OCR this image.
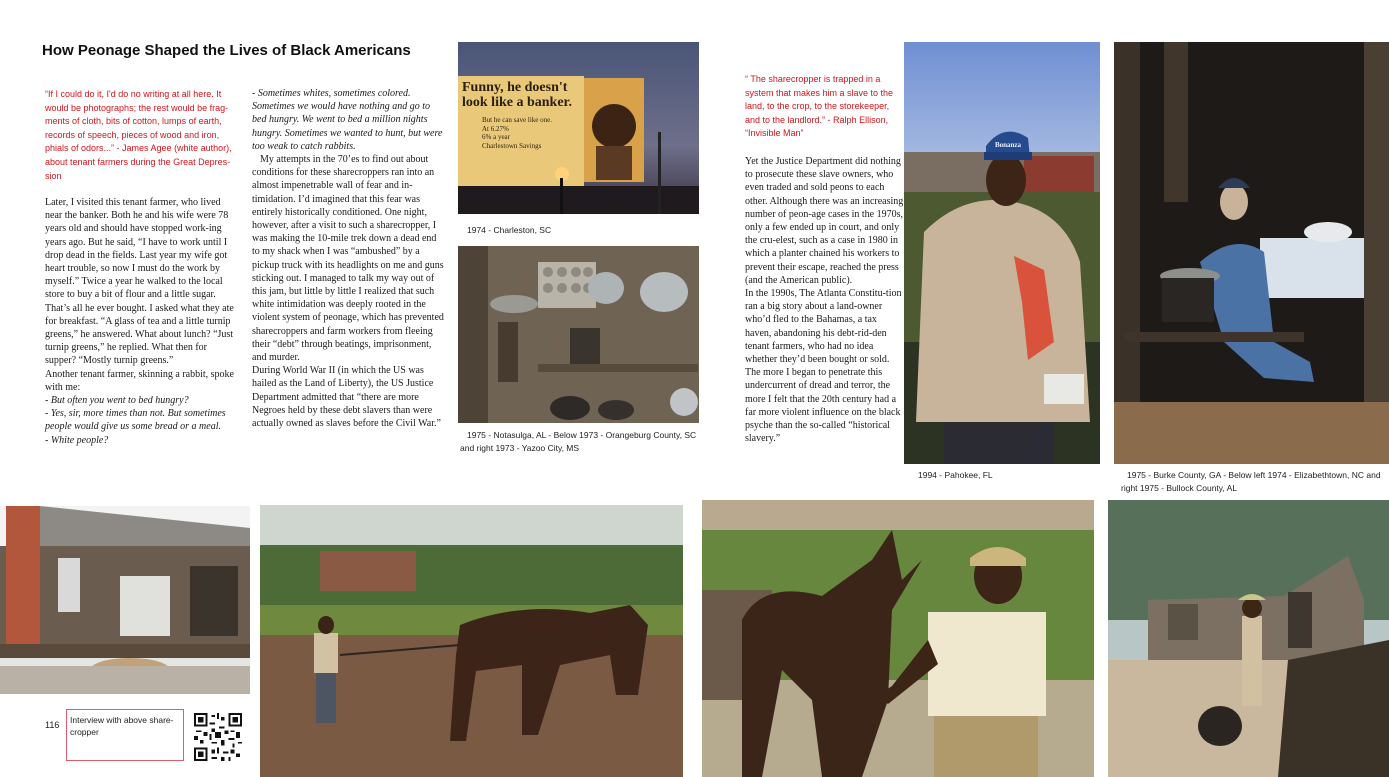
How Peonage Shaped the Lives of Black Americans
“If I could do it, I'd do no writing at all here. It would be photographs; the rest would be frag-ments of cloth, bits of cotton, lumps of earth, records of speech, pieces of wood and iron, phials of odors...” - James Agee (white author), about tenant farmers during the Great Depres-sion

Later, I visited this tenant farmer, who lived near the banker. Both he and his wife were 78 years old and should have stopped work-ing years ago. But he said, “I have to work until I drop dead in the fields. Last year my wife got heart trouble, so now I must do the work by myself.” Twice a year he walked to the local store to buy a bit of flour and a little sugar. That’s all he ever bought. I asked what they ate for breakfast. “A glass of tea and a little turnip greens,” he answered. What about lunch? “Just turnip greens,” he replied. What then for supper? “Mostly turnip greens.”

Another tenant farmer, skinning a rabbit, spoke with me:

- But often you went to bed hungry?

- Yes, sir, more times than not. But sometimes people would give us some bread or a meal.

- White people?

- Sometimes whites, sometimes colored. Sometimes we would have nothing and go to bed hungry. We went to bed a million nights hungry. Sometimes we wanted to hunt, but were too weak to catch rabbits.

My attempts in the 70’es to find out about conditions for these sharecroppers ran into an almost impenetrable wall of fear and in-timidation. I’d imagined that this fear was entirely historically conditioned. One night, however, after a visit to such a sharecropper, I was making the 10-mile trek down a dead end to my shack when I was “ambushed” by a pickup truck with its headlights on me and guns sticking out. I managed to talk my way out of this jam, but little by little I realized that such white intimidation was deeply rooted in the violent system of peonage, which has prevented sharecroppers and farm workers from fleeing their “debt” through beatings, imprisonment, and murder.

During World War II (in which the US was hailed as the Land of Liberty), the US Justice Department admitted that “there are more Negroes held by these debt slavers than were actually owned as slaves before the Civil War.”

Funny, he doesn't look like a banker.
But he can save like one.
At 6.27%
6% a year
Charlestown Savings
1974 - Charleston, SC
1975 - Notasulga, AL - Below 1973 - Orangeburg County, SC and right 1973 - Yazoo City, MS
“ The sharecropper is trapped in a system that makes him a slave to the land, to the crop, to the storekeeper, and to the landlord.” - Ralph Ellison, “Invisible Man”

Yet the Justice Department did nothing to prosecute these slave owners, who even traded and sold peons to each other. Although there was an increasing number of peon-age cases in the 1970s, only a few ended up in court, and only the cru-elest, such as a case in 1980 in which a planter chained his workers to prevent their escape, reached the press (and the American public).

In the 1990s, The Atlanta Constitu-tion ran a big story about a land-owner who’d fled to the Bahamas, a tax haven, abandoning his debt-rid-den tenant farmers, who had no idea whether they’d been bought or sold. The more I began to penetrate this undercurrent of dread and terror, the more I felt that the 20th century had a far more violent influence on the black psyche than the so-called “historical slavery.”

Bonanza
1994 - Pahokee, FL	1975 - Burke County, GA - Below left 1974 - Elizabethtown, NC and right 1975 - Bullock County, AL
116	Interview with above share-cropper
